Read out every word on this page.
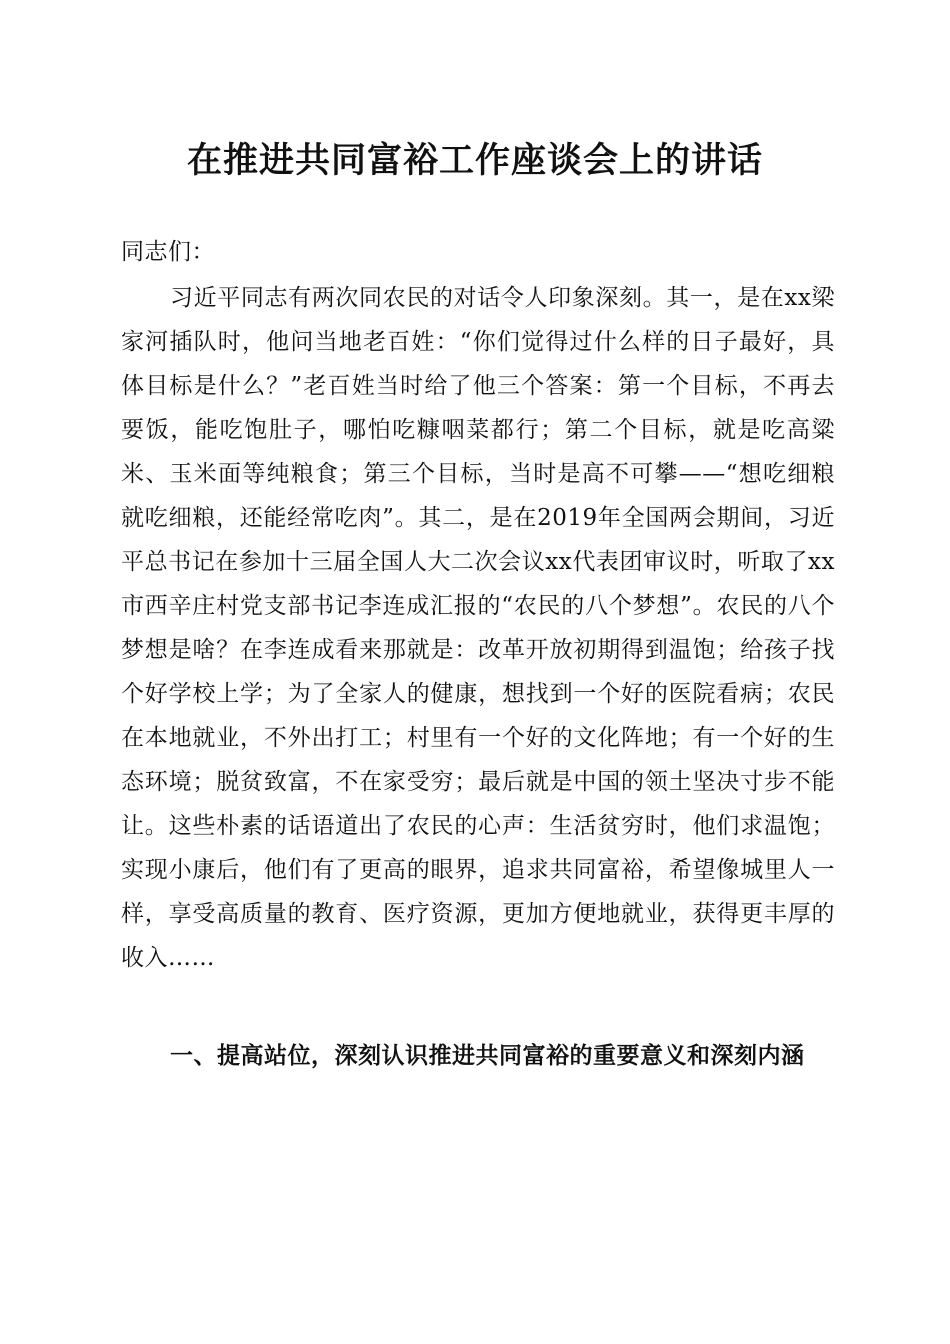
在推进共同富裕工作座谈会上的讲话
同志们：
习近平同志有两次同农民的对话令人印象深刻。其一，是在xx梁家河插队时，他问当地老百姓：“你们觉得过什么样的日子最好，具体目标是什么？”老百姓当时给了他三个答案：第一个目标，不再去要饭，能吃饱肚子，哪怕吃糠咽菜都行；第二个目标，就是吃高粱米、玉米面等纯粮食；第三个目标，当时是高不可攀——“想吃细粮就吃细粮，还能经常吃肉”。其二，是在2019年全国两会期间，习近平总书记在参加十三届全国人大二次会议xx代表团审议时，听取了xx市西辛庄村党支部书记李连成汇报的“农民的八个梦想”。农民的八个梦想是啥？在李连成看来那就是：改革开放初期得到温饱；给孩子找个好学校上学；为了全家人的健康，想找到一个好的医院看病；农民在本地就业，不外出打工；村里有一个好的文化阵地；有一个好的生态环境；脱贫致富，不在家受穷；最后就是中国的领土坚决寸步不能让。这些朴素的话语道出了农民的心声：生活贫穷时，他们求温饱；实现小康后，他们有了更高的眼界，追求共同富裕，希望像城里人一样，享受高质量的教育、医疗资源，更加方便地就业，获得更丰厚的收入……
一、提高站位，深刻认识推进共同富裕的重要意义和深刻内涵
